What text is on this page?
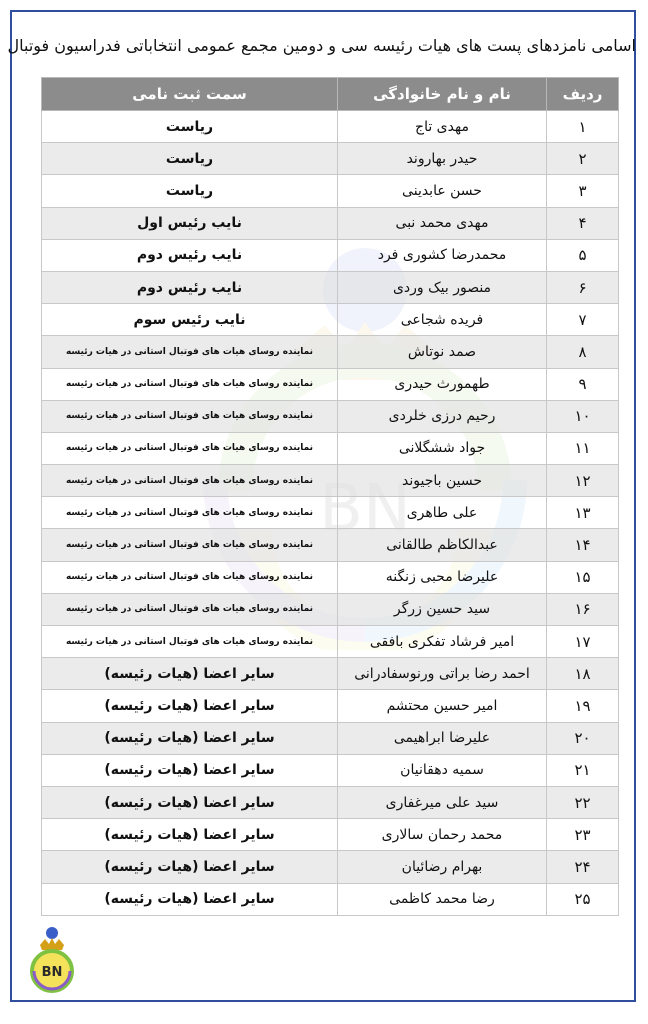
اسامی نامزدهای پست های هیات رئیسه سی و دومین مجمع عمومی انتخاباتی فدراسیون فوتبال
ردیف	نام و نام خانوادگی	سمت ثبت نامی
۱	مهدی تاج	ریاست
۲	حیدر بهاروند	ریاست
۳	حسن عابدینی	ریاست
۴	مهدی محمد نبی	نایب رئیس اول
۵	محمدرضا کشوری فرد	نایب رئیس دوم
۶	منصور بیک وردی	نایب رئیس دوم
۷	فریده شجاعی	نایب رئیس سوم
۸	صمد نوتاش	نماینده روسای هیات های فوتبال استانی در هیات رئیسه
۹	طهمورث حیدری	نماینده روسای هیات های فوتبال استانی در هیات رئیسه
۱۰	رحیم درزی خلردی	نماینده روسای هیات های فوتبال استانی در هیات رئیسه
۱۱	جواد ششگلانی	نماینده روسای هیات های فوتبال استانی در هیات رئیسه
۱۲	حسین باجیوند	نماینده روسای هیات های فوتبال استانی در هیات رئیسه
۱۳	علی طاهری	نماینده روسای هیات های فوتبال استانی در هیات رئیسه
۱۴	عبدالکاظم طالقانی	نماینده روسای هیات های فوتبال استانی در هیات رئیسه
۱۵	علیرضا محبی زنگنه	نماینده روسای هیات های فوتبال استانی در هیات رئیسه
۱۶	سید حسین زرگر	نماینده روسای هیات های فوتبال استانی در هیات رئیسه
۱۷	امیر فرشاد تفکری بافقی	نماینده روسای هیات های فوتبال استانی در هیات رئیسه
۱۸	احمد رضا براتی ورنوسفادرانی	سایر اعضا (هیات رئیسه)
۱۹	امیر حسین محتشم	سایر اعضا (هیات رئیسه)
۲۰	علیرضا ابراهیمی	سایر اعضا (هیات رئیسه)
۲۱	سمیه دهقانیان	سایر اعضا (هیات رئیسه)
۲۲	سید علی میرغفاری	سایر اعضا (هیات رئیسه)
۲۳	محمد رحمان سالاری	سایر اعضا (هیات رئیسه)
۲۴	بهرام رضائیان	سایر اعضا (هیات رئیسه)
۲۵	رضا محمد کاظمی	سایر اعضا (هیات رئیسه)
BN
